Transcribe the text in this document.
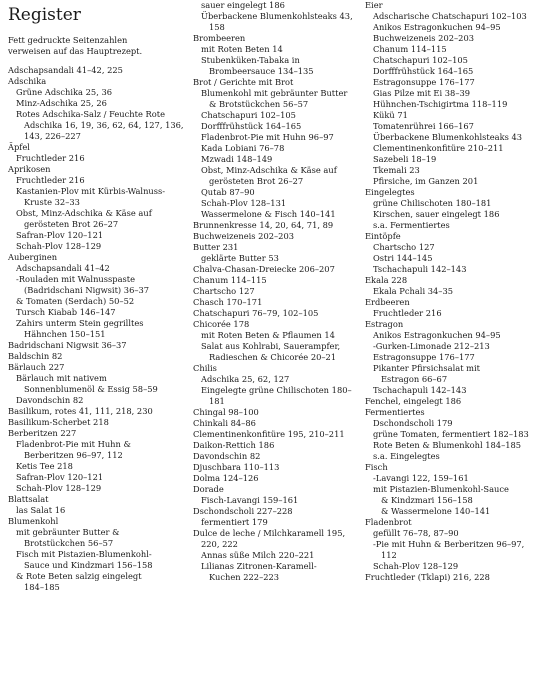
Register
Fett gedruckte Seitenzahlen
verweisen auf das Hauptrezept.
Adschapsandali 41–42, 225
Adschika
Grüne Adschika 25, 36
Minz-Adschika 25, 26
Rotes Adschika-Salz / Feuchte Rote
Adschika 16, 19, 36, 62, 64, 127, 136,
143, 226–227
Äpfel
Fruchtleder 216
Aprikosen
Fruchtleder 216
Kastanien-Plov mit Kürbis-Walnuss-
Kruste 32–33
Obst, Minz-Adschika & Käse auf
gerösteten Brot 26–27
Safran-Plov 120–121
Schah-Plov 128–129
Auberginen
Adschapsandali 41–42
-Rouladen mit Walnusspaste
(Badridschani Nigwsit) 36–37
& Tomaten (Serdach) 50–52
Tursch Kiabab 146–147
Zahirs unterm Stein gegrilltes
Hähnchen 150–151
Badridschani Nigwsit 36–37
Baldschin 82
Bärlauch 227
Bärlauch mit nativem
Sonnenblumenöl & Essig 58–59
Davondschin 82
Basilikum, rotes 41, 111, 218, 230
Basilikum-Scherbet 218
Berberitzen 227
Fladenbrot-Pie mit Huhn &
Berberitzen 96–97, 112
Ketis Tee 218
Safran-Plov 120–121
Schah-Plov 128–129
Blattsalat
las Salat 16
Blumenkohl
mit gebräunter Butter &
Brotstückchen 56–57
Fisch mit Pistazien-Blumenkohl-
Sauce und Kindzmari 156–158
& Rote Beten salzig eingelegt
184–185
sauer eingelegt 186
Überbackene Blumenkohlsteaks 43,
158
Brombeeren
mit Roten Beten 14
Stubenküken-Tabaka in
Brombeersauce 134–135
Brot / Gerichte mit Brot
Blumenkohl mit gebräunter Butter
& Brotstückchen 56–57
Chatschapuri 102–105
Dorfffrühstück 164–165
Fladenbrot-Pie mit Huhn 96–97
Kada Lobiani 76–78
Mzwadi 148–149
Obst, Minz-Adschika & Käse auf
gerösteten Brot 26–27
Qutab 87–90
Schah-Plov 128–131
Wassermelone & Fisch 140–141
Brunnenkresse 14, 20, 64, 71, 89
Buchweizeneis 202–203
Butter 231
geklärte Butter 53
Chalva-Chasan-Dreiecke 206–207
Chanum 114–115
Chartscho 127
Chasch 170–171
Chatschapuri 76–79, 102–105
Chicorée 178
mit Roten Beten & Pflaumen 14
Salat aus Kohlrabi, Sauerampfer,
Radieschen & Chicorée 20–21
Chilis
Adschika 25, 62, 127
Eingelegte grüne Chilischoten 180–
181
Chingal 98–100
Chinkali 84–86
Clementinenkonfitüre 195, 210–211
Daikon-Rettich 186
Davondschin 82
Djuschbara 110–113
Dolma 124–126
Dorade
Fisch-Lavangi 159–161
Dschondscholi 227–228
fermentiert 179
Dulce de leche / Milchkaramell 195,
220, 222
Annas süße Milch 220–221
Lilianas Zitronen-Karamell-
Kuchen 222–223
Eier
Adscharische Chatschapuri 102–103
Anikos Estragonkuchen 94–95
Buchweizeneis 202–203
Chanum 114–115
Chatschapuri 102–105
Dorfffrühstück 164–165
Estragonsuppe 176–177
Gias Pilze mit Ei 38–39
Hühnchen-Tschigirtma 118–119
Kükü 71
Tomatenrührei 166–167
Überbackene Blumenkohlsteaks 43
Clementinenkonfitüre 210–211
Sazebeli 18–19
Tkemali 23
Pfirsiche, im Ganzen 201
Eingelegtes
grüne Chilischoten 180–181
Kirschen, sauer eingelegt 186
s.a. Fermentiertes
Eintöpfe
Chartscho 127
Ostri 144–145
Tschachapuli 142–143
Ekala 228
Ekala Pchali 34–35
Erdbeeren
Fruchtleder 216
Estragon
Anikos Estragonkuchen 94–95
-Gurken-Limonade 212–213
Estragonsuppe 176–177
Pikanter Pfirsichsalat mit
Estragon 66–67
Tschachapuli 142–143
Fenchel, eingelegt 186
Fermentiertes
Dschondscholi 179
grüne Tomaten, fermentiert 182–183
Rote Beten & Blumenkohl 184–185
s.a. Eingelegtes
Fisch
-Lavangi 122, 159–161
mit Pistazien-Blumenkohl-Sauce
& Kindzmari 156–158
& Wassermelone 140–141
Fladenbrot
gefüllt 76–78, 87–90
-Pie mit Huhn & Berberitzen 96–97,
112
Schah-Plov 128–129
Fruchtleder (Tklapi) 216, 228
